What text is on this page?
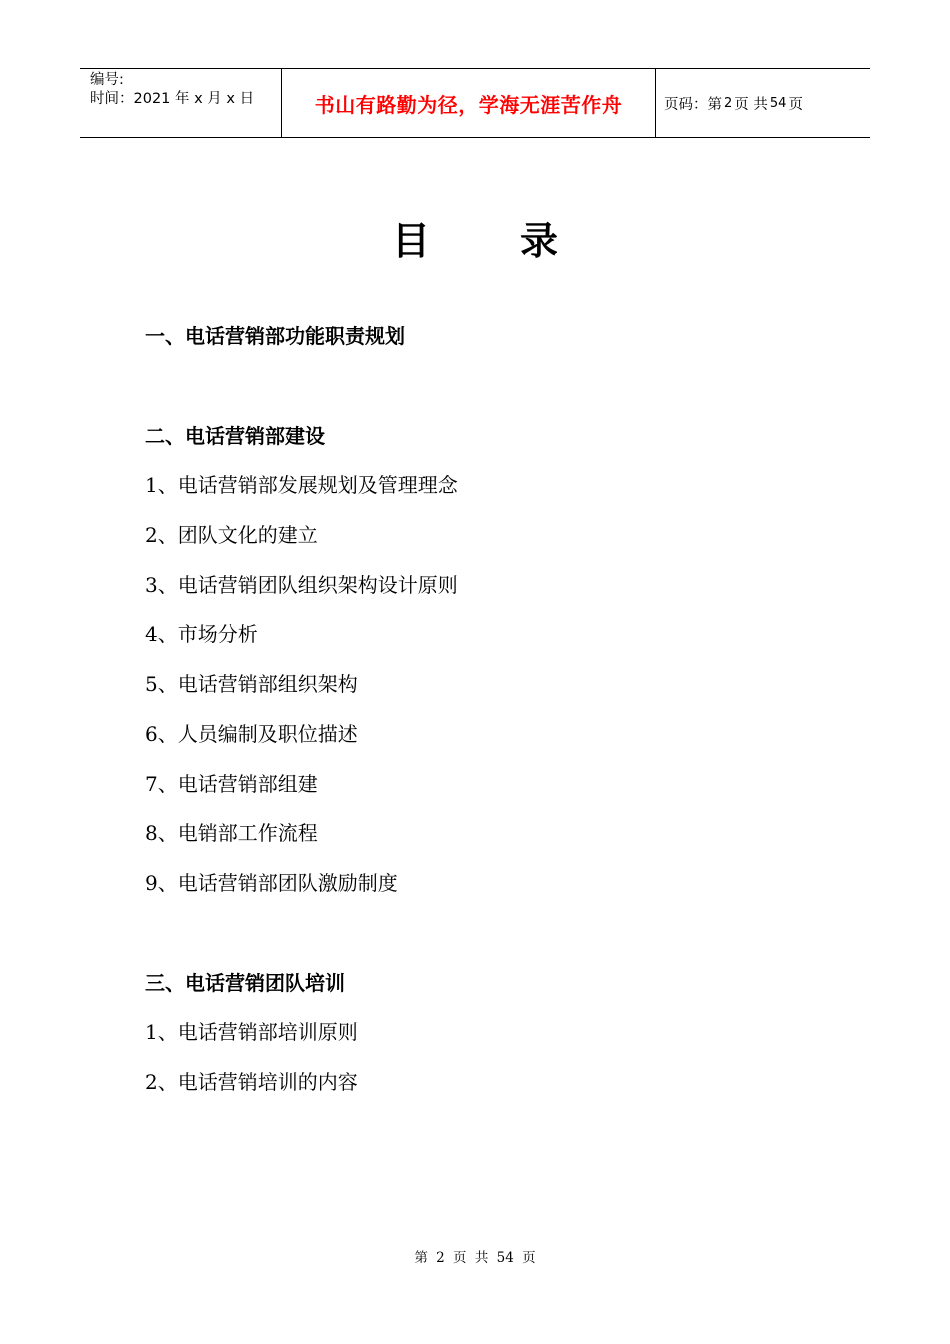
编号:
时间：2021 年 x 月 x 日	书山有路勤为径，学海无涯苦作舟	页码：第 2 页 共 54 页
目录
一、电话营销部功能职责规划
二、电话营销部建设
1、电话营销部发展规划及管理理念
2、团队文化的建立
3、电话营销团队组织架构设计原则
4、市场分析
5、电话营销部组织架构
6、人员编制及职位描述
7、电话营销部组建
8、电销部工作流程
9、电话营销部团队激励制度
三、电话营销团队培训
1、电话营销部培训原则
2、电话营销培训的内容
第 2 页 共 54 页
